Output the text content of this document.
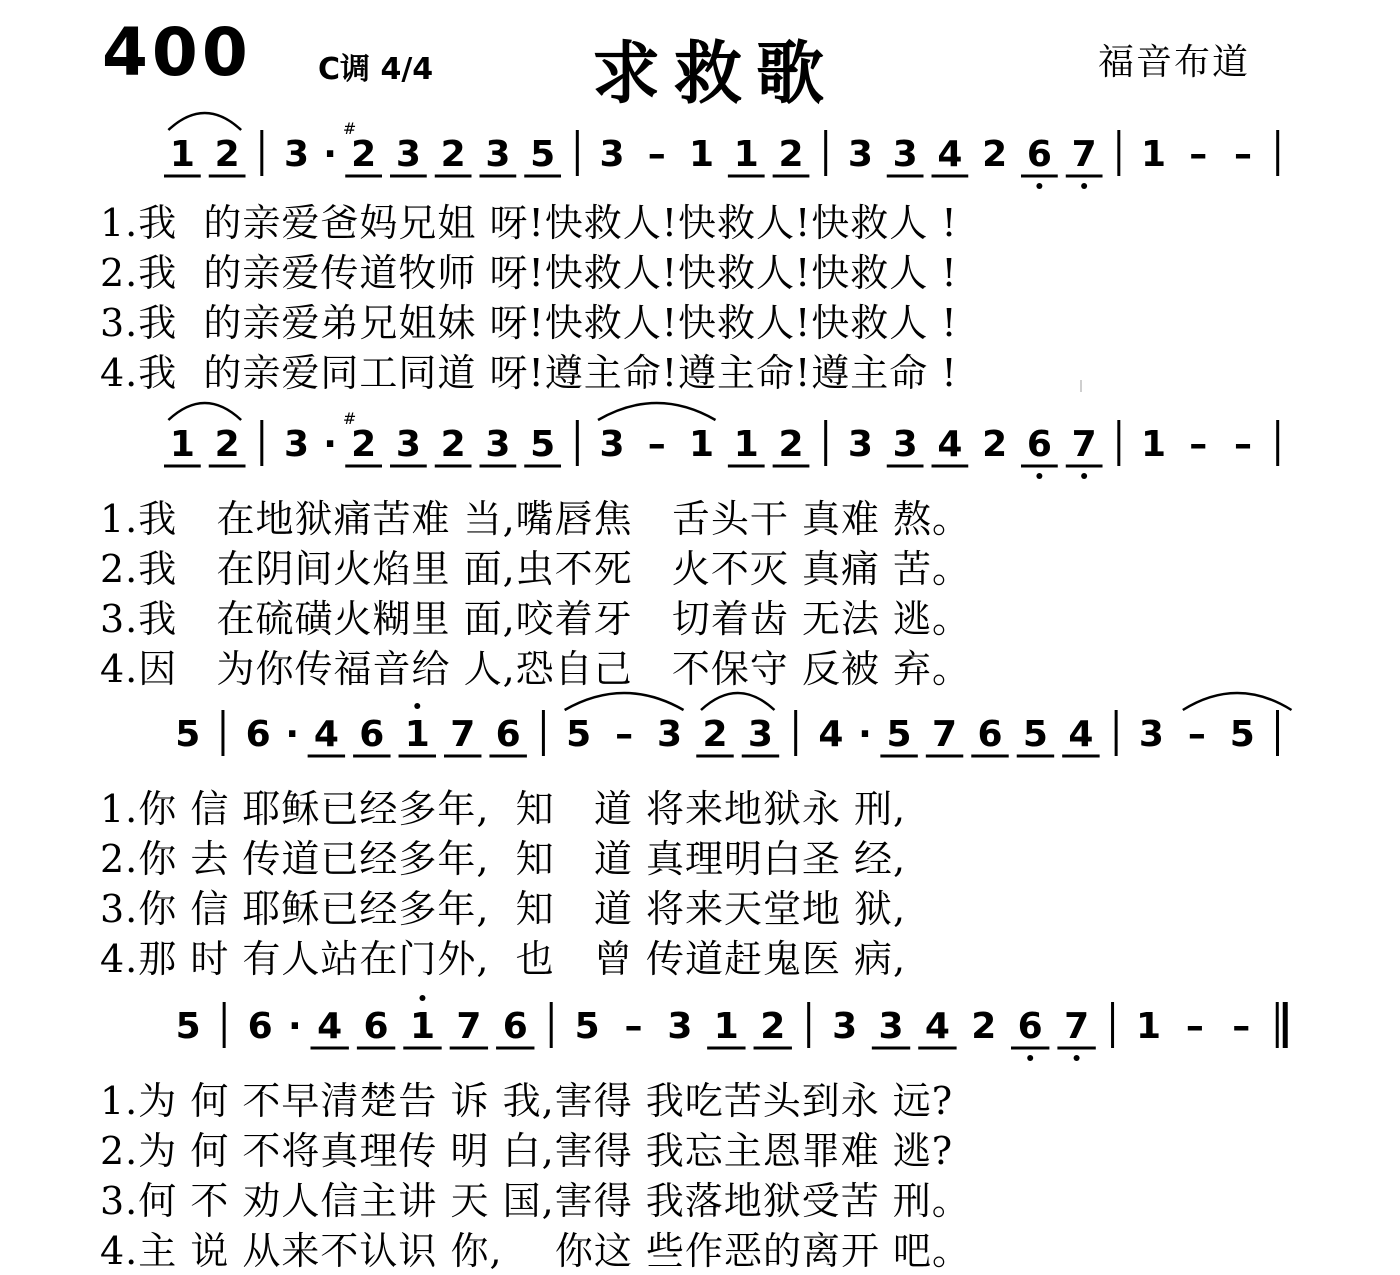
400 C调 4/4 求救歌	福音布道
1 2 3 · 2
#
3 2 3 5 3 – 1 1 2 3 3 4 2 6 7 1 – –
1.我  的亲爱爸妈兄姐 呀!快救人!快救人!快救人 !
2.我  的亲爱传道牧师 呀!快救人!快救人!快救人 !
3.我  的亲爱弟兄姐妹 呀!快救人!快救人!快救人 !
4.我  的亲爱同工同道 呀!遵主命!遵主命!遵主命 !
1 2 3 · 2
#
3 2 3 5 3 – 1 1 2 3 3 4 2 6 7 1 – –
1.我   在地狱痛苦难 当,嘴唇焦   舌头干 真难 熬。
2.我   在阴间火焰里 面,虫不死   火不灭 真痛 苦。
3.我   在硫磺火糊里 面,咬着牙   切着齿 无法 逃。
4.因   为你传福音给 人,恐自己   不保守 反被 弃。
5 6 · 4 6 1 7 6 5 – 3 2 3 4 · 5 7 6 5 4 3 – 5
1.你 信 耶稣已经多年,  知   道 将来地狱永 刑,
2.你 去 传道已经多年,  知   道 真理明白圣 经,
3.你 信 耶稣已经多年,  知   道 将来天堂地 狱,
4.那 时 有人站在门外,  也   曾 传道赶鬼医 病,
5 6 · 4 6 1 7 6 5 – 3 1 2 3 3 4 2 6 7 1 – –
1.为 何 不早清楚告 诉 我,害得 我吃苦头到永 远?
2.为 何 不将真理传 明 白,害得 我忘主恩罪难 逃?
3.何 不 劝人信主讲 天 国,害得 我落地狱受苦 刑。
4.主 说 从来不认识 你,    你这 些作恶的离开 吧。
